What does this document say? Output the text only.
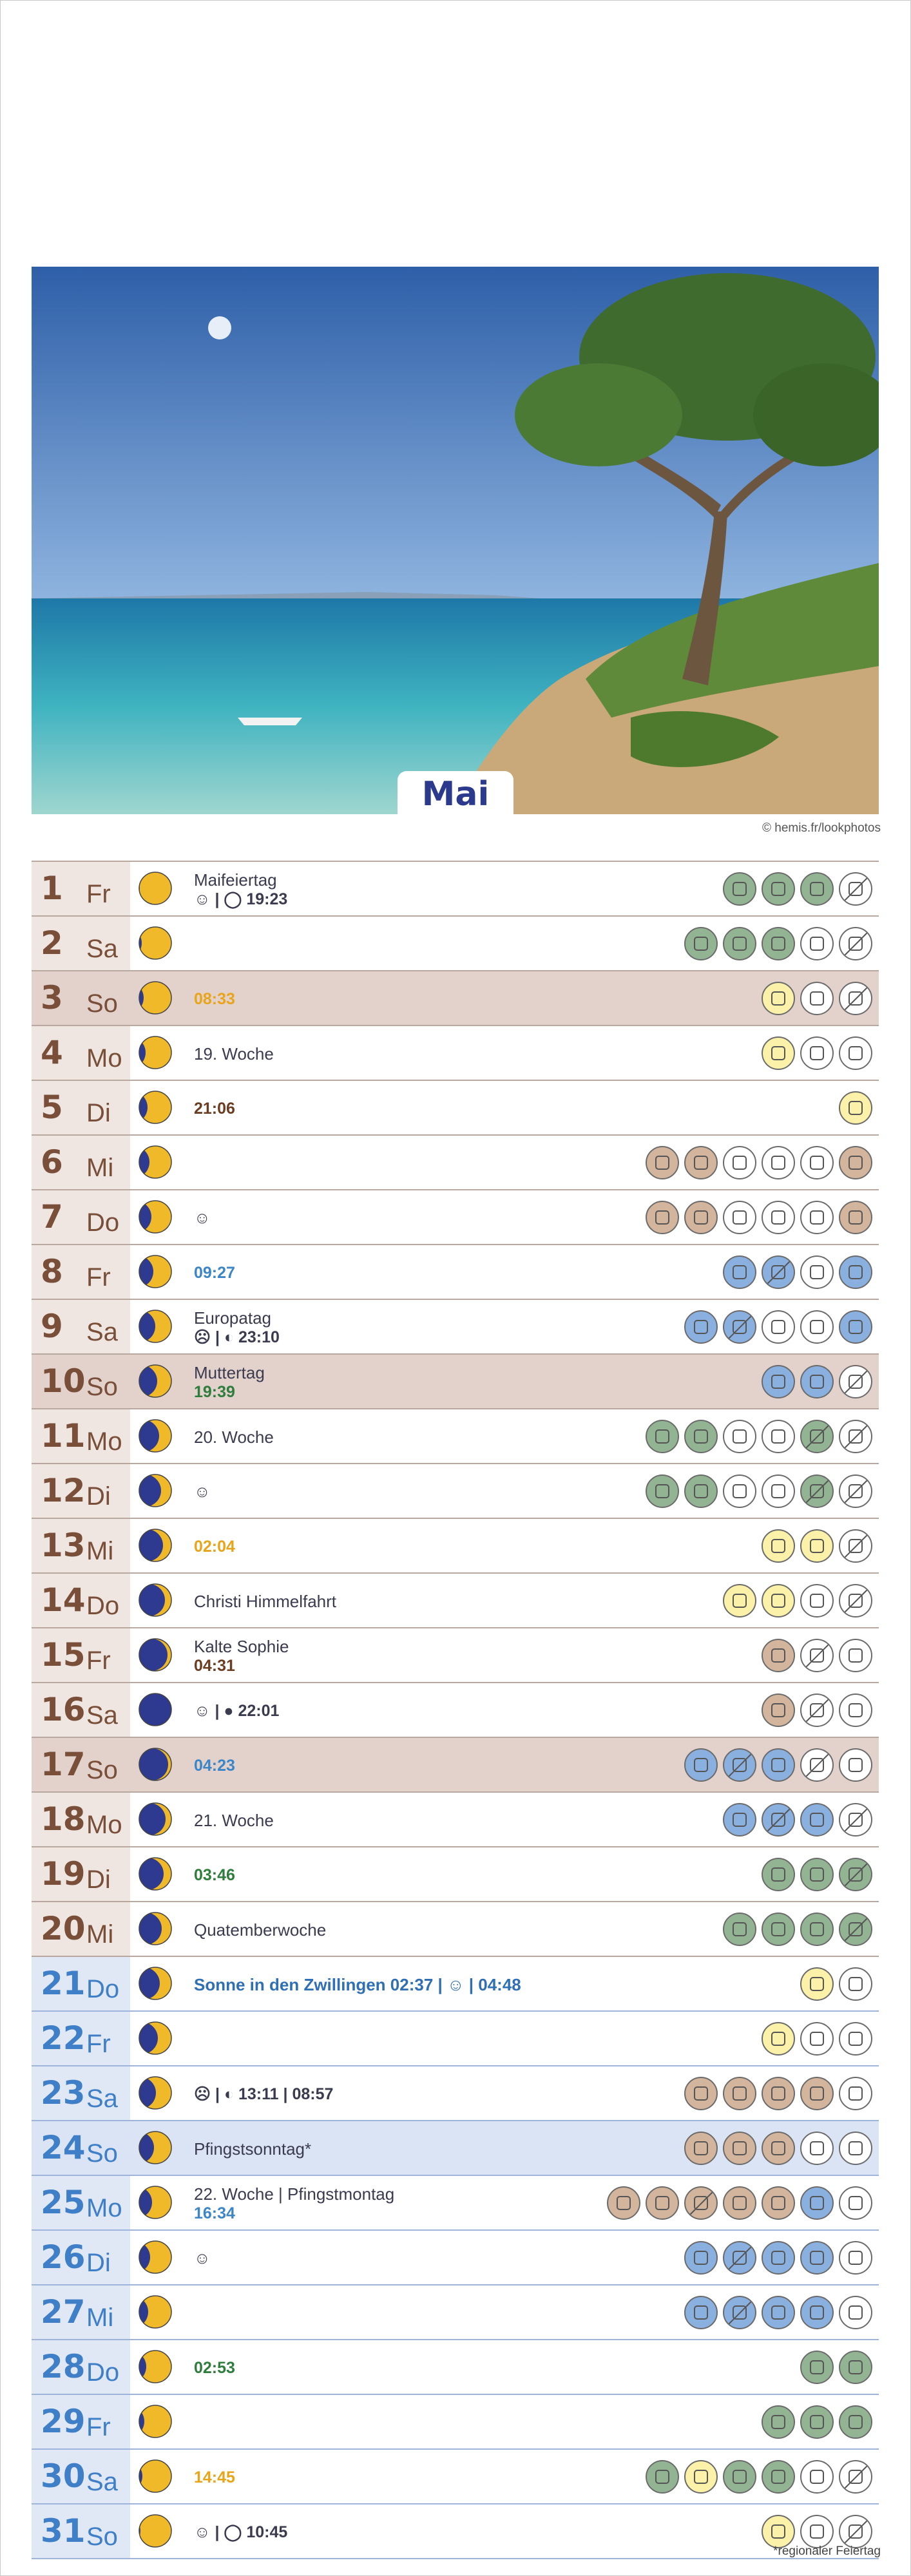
Mai
© hemis.fr/lookphotos
1 Fr	Maifeiertag
☺ | ◯ 19:23
2 Sa
3 So	08:33
4 Mo	19. Woche
5 Di	21:06
6 Mi
7 Do	☺
8 Fr	09:27
9 Sa	Europatag
☹ | ◐ 23:10
10 So	Muttertag
19:39
11 Mo	20. Woche
12 Di	☺
13 Mi	02:04
14 Do	Christi Himmelfahrt
15 Fr	Kalte Sophie
04:31
16 Sa	☺ | ● 22:01
17 So	04:23
18 Mo	21. Woche
19 Di	03:46
20 Mi	Quatemberwoche
21 Do	Sonne in den Zwillingen 02:37 | ☺ | 04:48
22 Fr
23 Sa	☹ | ◐ 13:11 | 08:57
24 So	Pfingstsonntag*
25 Mo	22. Woche | Pfingstmontag
16:34
26 Di	☺
27 Mi
28 Do	02:53
29 Fr
30 Sa	14:45
31 So	☺ | ◯ 10:45
*regionaler Feiertag
